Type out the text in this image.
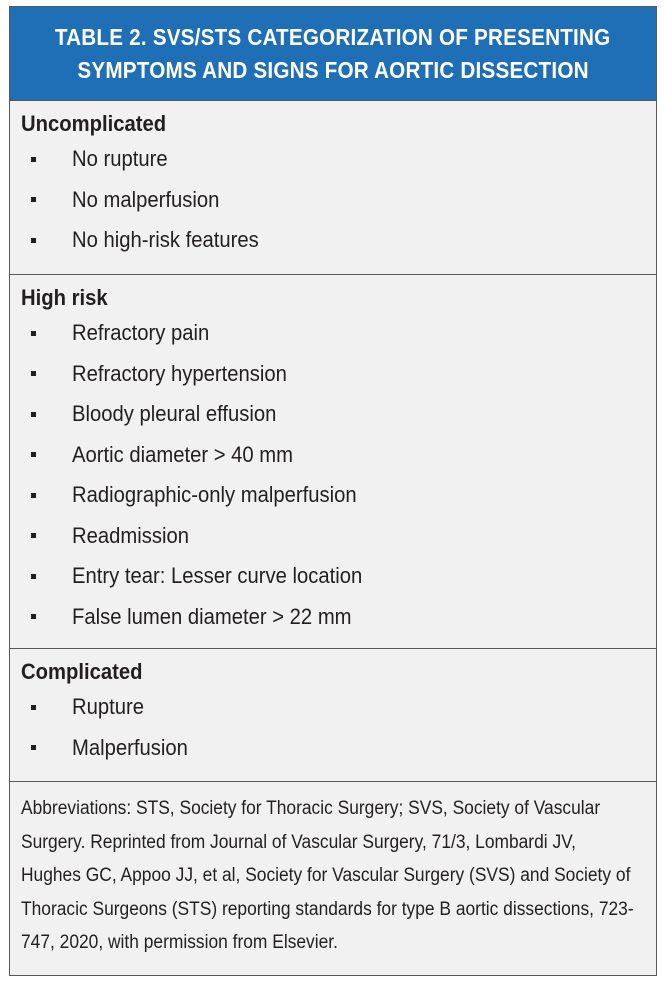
TABLE 2. SVS/STS CATEGORIZATION OF PRESENTING
SYMPTOMS AND SIGNS FOR AORTIC DISSECTION
Uncomplicated
No rupture
No malperfusion
No high-risk features
High risk
Refractory pain
Refractory hypertension
Bloody pleural effusion
Aortic diameter > 40 mm
Radiographic-only malperfusion
Readmission
Entry tear: Lesser curve location
False lumen diameter > 22 mm
Complicated
Rupture
Malperfusion
Abbreviations: STS, Society for Thoracic Surgery; SVS, Society of Vascular Surgery. Reprinted from Journal of Vascular Surgery, 71/3, Lombardi JV, Hughes GC, Appoo JJ, et al, Society for Vascular Surgery (SVS) and Society of Thoracic Surgeons (STS) reporting standards for type B aortic dissections, 723-747, 2020, with permission from Elsevier.
